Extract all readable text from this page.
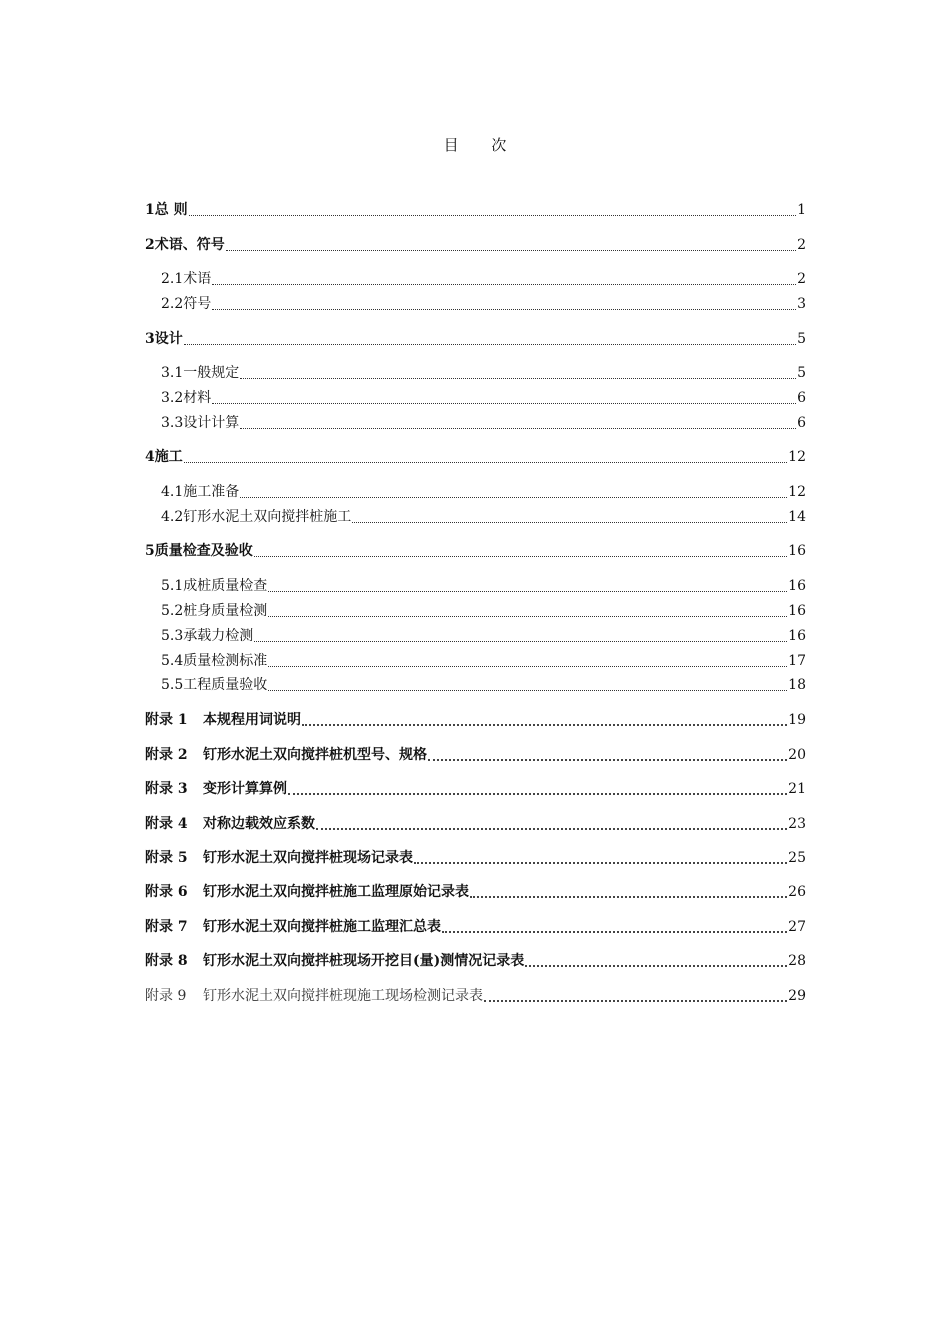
目 次
1 总 则	1
2 术语、符号	2
2.1 术语	2
2.2 符号	3
3 设计	5
3.1 一般规定	5
3.2 材料	6
3.3 设计计算	6
4 施工	12
4.1 施工准备	12
4.2 钉形水泥土双向搅拌桩施工	14
5 质量检查及验收	16
5.1 成桩质量检查	16
5.2 桩身质量检测	16
5.3 承载力检测	16
5.4 质量检测标准	17
5.5 工程质量验收	18
附录 1	本规程用词说明	19
附录 2	钉形水泥土双向搅拌桩机型号、规格	20
附录 3	变形计算算例	21
附录 4	对称边载效应系数	23
附录 5	钉形水泥土双向搅拌桩现场记录表	25
附录 6	钉形水泥土双向搅拌桩施工监理原始记录表	26
附录 7	钉形水泥土双向搅拌桩施工监理汇总表	27
附录 8	钉形水泥土双向搅拌桩现场开挖目(量)测情况记录表	28
附录 9	钉形水泥土双向搅拌桩现施工现场检测记录表	29
